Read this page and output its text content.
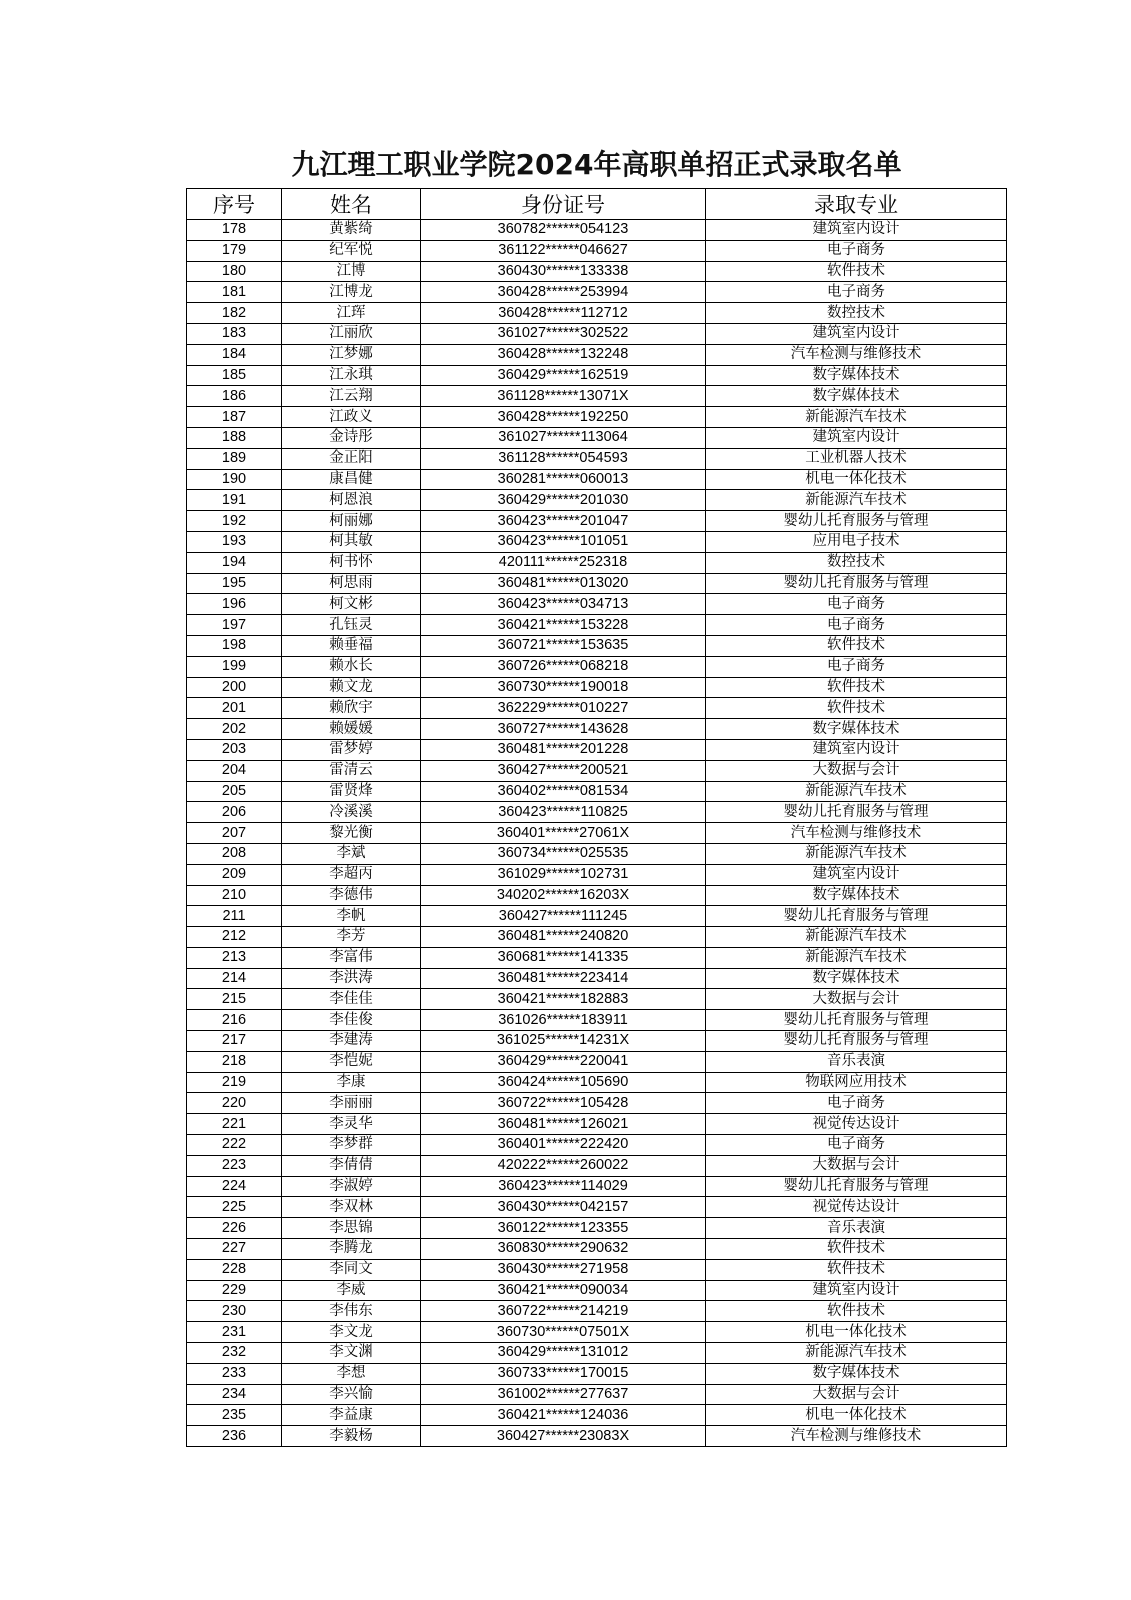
九江理工职业学院2024年高职单招正式录取名单
序号	姓名	身份证号	录取专业
178	黄紫绮	360782******054123	建筑室内设计
179	纪军悦	361122******046627	电子商务
180	江博	360430******133338	软件技术
181	江博龙	360428******253994	电子商务
182	江珲	360428******112712	数控技术
183	江丽欣	361027******302522	建筑室内设计
184	江梦娜	360428******132248	汽车检测与维修技术
185	江永琪	360429******162519	数字媒体技术
186	江云翔	361128******13071X	数字媒体技术
187	江政义	360428******192250	新能源汽车技术
188	金诗彤	361027******113064	建筑室内设计
189	金正阳	361128******054593	工业机器人技术
190	康昌健	360281******060013	机电一体化技术
191	柯恩浪	360429******201030	新能源汽车技术
192	柯丽娜	360423******201047	婴幼儿托育服务与管理
193	柯其敏	360423******101051	应用电子技术
194	柯书怀	420111******252318	数控技术
195	柯思雨	360481******013020	婴幼儿托育服务与管理
196	柯文彬	360423******034713	电子商务
197	孔钰灵	360421******153228	电子商务
198	赖垂福	360721******153635	软件技术
199	赖水长	360726******068218	电子商务
200	赖文龙	360730******190018	软件技术
201	赖欣宇	362229******010227	软件技术
202	赖媛媛	360727******143628	数字媒体技术
203	雷梦婷	360481******201228	建筑室内设计
204	雷清云	360427******200521	大数据与会计
205	雷贤烽	360402******081534	新能源汽车技术
206	冷溪溪	360423******110825	婴幼儿托育服务与管理
207	黎光衡	360401******27061X	汽车检测与维修技术
208	李斌	360734******025535	新能源汽车技术
209	李超丙	361029******102731	建筑室内设计
210	李德伟	340202******16203X	数字媒体技术
211	李帆	360427******111245	婴幼儿托育服务与管理
212	李芳	360481******240820	新能源汽车技术
213	李富伟	360681******141335	新能源汽车技术
214	李洪涛	360481******223414	数字媒体技术
215	李佳佳	360421******182883	大数据与会计
216	李佳俊	361026******183911	婴幼儿托育服务与管理
217	李建涛	361025******14231X	婴幼儿托育服务与管理
218	李恺妮	360429******220041	音乐表演
219	李康	360424******105690	物联网应用技术
220	李丽丽	360722******105428	电子商务
221	李灵华	360481******126021	视觉传达设计
222	李梦群	360401******222420	电子商务
223	李倩倩	420222******260022	大数据与会计
224	李淑婷	360423******114029	婴幼儿托育服务与管理
225	李双林	360430******042157	视觉传达设计
226	李思锦	360122******123355	音乐表演
227	李腾龙	360830******290632	软件技术
228	李同文	360430******271958	软件技术
229	李威	360421******090034	建筑室内设计
230	李伟东	360722******214219	软件技术
231	李文龙	360730******07501X	机电一体化技术
232	李文渊	360429******131012	新能源汽车技术
233	李想	360733******170015	数字媒体技术
234	李兴愉	361002******277637	大数据与会计
235	李益康	360421******124036	机电一体化技术
236	李毅杨	360427******23083X	汽车检测与维修技术
